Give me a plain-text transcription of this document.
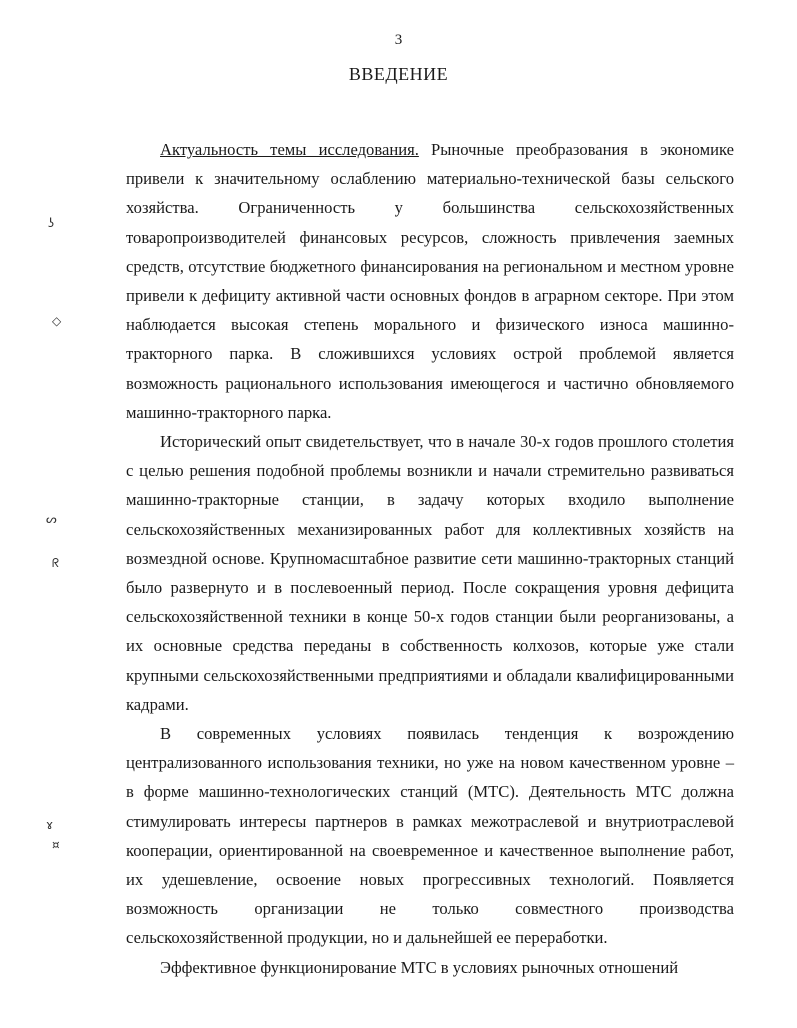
3
ВВЕДЕНИЕ
ʖ
◇
ᔕ
ᖇ
ɤ
¤

Актуальность темы исследования. Рыночные преобразования в экономике привели к значительному ослаблению материально-технической базы сельского хозяйства. Ограниченность у большинства сельскохозяйственных товаропроизводителей финансовых ресурсов, сложность привлечения заемных средств, отсутствие бюджетного финансирования на региональном и местном уровне привели к дефициту активной части основных фондов в аграрном секторе. При этом наблюдается высокая степень морального и физического износа машинно-тракторного парка. В сложившихся условиях острой проблемой является возможность рационального использования имеющегося и частично обновляемого машинно-тракторного парка.

Исторический опыт свидетельствует, что в начале 30-х годов прошлого столетия с целью решения подобной проблемы возникли и начали стремительно развиваться машинно-тракторные станции, в задачу которых входило выполнение сельскохозяйственных механизированных работ для коллективных хозяйств на возмездной основе. Крупномасштабное развитие сети машинно-тракторных станций было развернуто и в послевоенный период. После сокращения уровня дефицита сельскохозяйственной техники в конце 50-х годов станции были реорганизованы, а их основные средства переданы в собственность колхозов, которые уже стали крупными сельскохозяйственными предприятиями и обладали квалифицированными кадрами.

В современных условиях появилась тенденция к возрождению централизованного использования техники, но уже на новом качественном уровне – в форме машинно-технологических станций (МТС). Деятельность МТС должна стимулировать интересы партнеров в рамках межотраслевой и внутриотраслевой кооперации, ориентированной на своевременное и качественное выполнение работ, их удешевление, освоение новых прогрессивных технологий. Появляется возможность организации не только совместного производства сельскохозяйственной продукции, но и дальнейшей ее переработки.

Эффективное функционирование МТС в условиях рыночных отношений
